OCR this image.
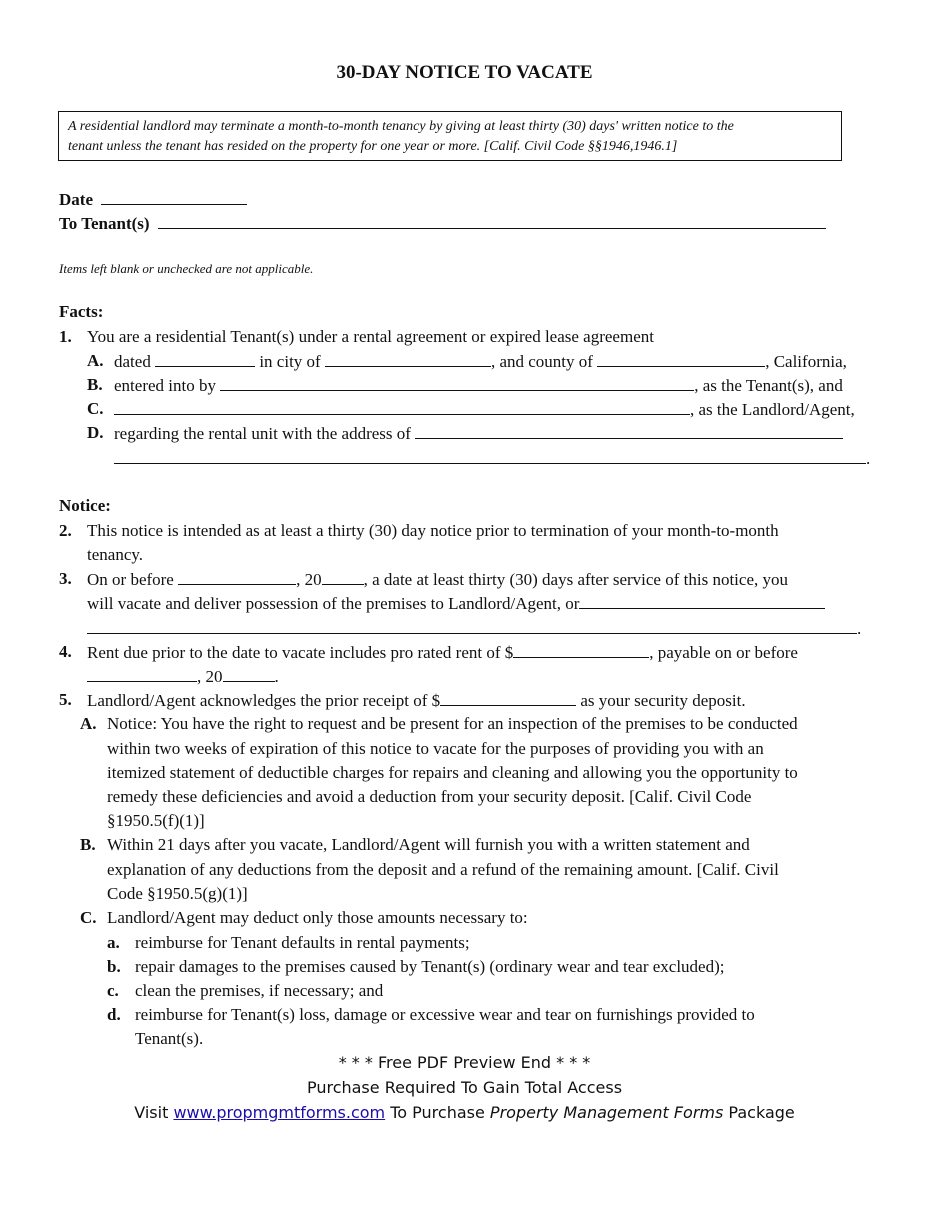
30-DAY NOTICE TO VACATE
A residential landlord may terminate a month-to-month tenancy by giving at least thirty (30) days' written notice to the
tenant unless the tenant has resided on the property for one year or more. [Calif. Civil Code §§1946,1946.1]
Date
To Tenant(s)
Items left blank or unchecked are not applicable.
Facts:
1. You are a residential Tenant(s) under a rental agreement or expired lease agreement
A. dated	in city of	, and county of	, California,
B. entered into by	, as the Tenant(s), and
C.	, as the Landlord/Agent,
D. regarding the rental unit with the address of
.
Notice:
2. This notice is intended as at least a thirty (30) day notice prior to termination of your month-to-month
tenancy.
3. On or before	, 20 , a date at least thirty (30) days after service of this notice, you
will vacate and deliver possession of the premises to Landlord/Agent, or
.
4. Rent due prior to the date to vacate includes pro rated rent of $	, payable on or before
, 20	.
5. Landlord/Agent acknowledges the prior receipt of $	as your security deposit.
A. Notice: You have the right to request and be present for an inspection of the premises to be conducted
within two weeks of expiration of this notice to vacate for the purposes of providing you with an
itemized statement of deductible charges for repairs and cleaning and allowing you the opportunity to
remedy these deficiencies and avoid a deduction from your security deposit. [Calif. Civil Code
§1950.5(f)(1)]
B. Within 21 days after you vacate, Landlord/Agent will furnish you with a written statement and
explanation of any deductions from the deposit and a refund of the remaining amount. [Calif. Civil
Code §1950.5(g)(1)]
C. Landlord/Agent may deduct only those amounts necessary to:
a. reimburse for Tenant defaults in rental payments;
b. repair damages to the premises caused by Tenant(s) (ordinary wear and tear excluded);
c. clean the premises, if necessary; and
d. reimburse for Tenant(s) loss, damage or excessive wear and tear on furnishings provided to
Tenant(s).
* * * Free PDF Preview End * * *
Purchase Required To Gain Total Access
Visit www.propmgmtforms.com To Purchase Property Management Forms Package
